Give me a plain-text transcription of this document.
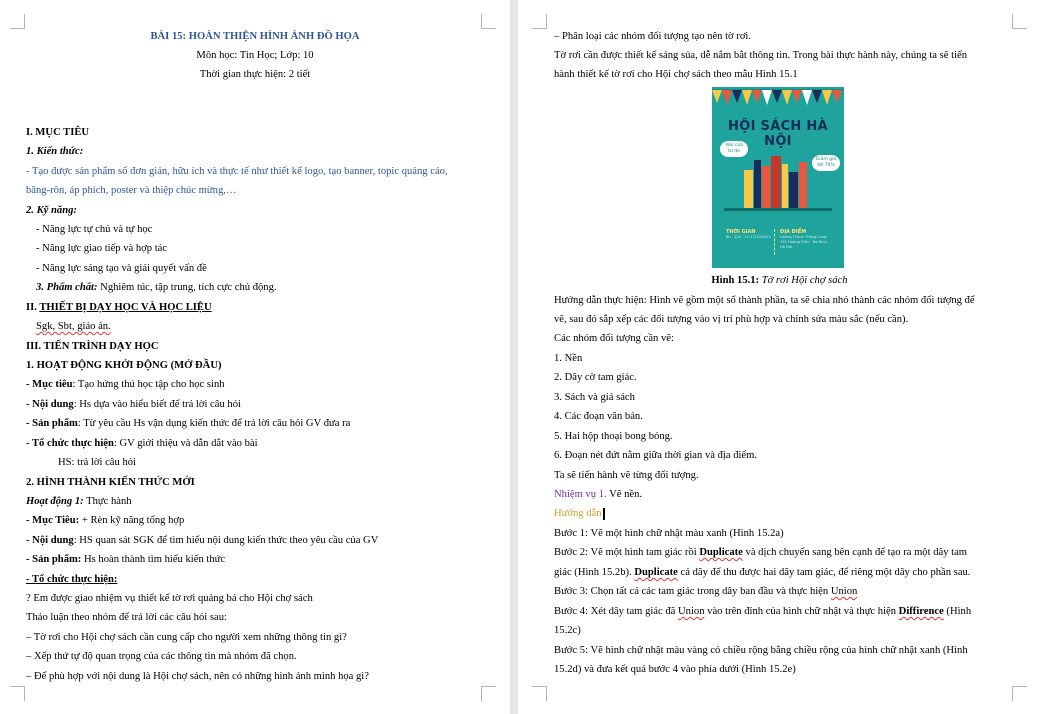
BÀI 15: HOÀN THIỆN HÌNH ẢNH ĐỒ HỌA
Môn học: Tin Học; Lớp: 10
Thời gian thực hiện: 2 tiết
I. MỤC TIÊU
1. Kiến thức:
- Tạo được sản phẩm số đơn giản, hữu ích và thực tế như thiết kế logo, tạo banner, topic quảng cáo,
băng-rôn, áp phích, poster và thiệp chúc mừng,…
2. Kỹ năng:
- Năng lực tự chủ và tự học
- Năng lực giao tiếp và hợp tác
- Năng lực sáng tạo và giải quyết vấn đề
3. Phẩm chất: Nghiêm túc, tập trung, tích cực chủ động.
II. THIẾT BỊ DẠY HỌC VÀ HỌC LIỆU
Sgk, Sbt, giáo án.
III. TIẾN TRÌNH DẠY HỌC
1. HOẠT ĐỘNG KHỞI ĐỘNG (MỞ ĐẦU)
- Mục tiêu: Tạo hứng thú học tập cho học sinh
- Nội dung: Hs dựa vào hiểu biết để trả lời câu hỏi
- Sản phẩm: Từ yêu cầu Hs vận dụng kiến thức để trả lời câu hỏi GV đưa ra
- Tổ chức thực hiện: GV giới thiệu và dẫn dắt vào bài
HS: trả lời câu hỏi
2. HÌNH THÀNH KIẾN THỨC MỚI
Hoạt động 1: Thực hành
- Mục Tiêu: + Rèn kỹ năng tổng hợp
- Nội dung: HS quan sát SGK để tìm hiểu nội dung kiến thức theo yêu cầu của GV
- Sản phẩm: Hs hoàn thành tìm hiểu kiến thức
- Tổ chức thực hiện:
? Em được giao nhiệm vụ thiết kế tờ rơi quảng bá cho Hội chợ sách
Thảo luận theo nhóm để trả lời các câu hỏi sau:
– Tờ rơi cho Hội chợ sách cần cung cấp cho người xem những thông tin gì?
– Xếp thứ tự độ quan trọng của các thông tin mà nhóm đã chọn.
– Để phù hợp với nội dung là Hội chợ sách, nên có những hình ảnh minh họa gì?
– Phân loại các nhóm đối tượng tạo nên tờ rơi.
Tờ rơi cần được thiết kế sáng sủa, dễ nắm bắt thông tin. Trong bài thực hành này, chúng ta sẽ tiến
hành thiết kế tờ rơi cho Hội chợ sách theo mẫu Hình 15.1
HỘI SÁCH HÀ NỘI
Vào cửa tự do
Giảm giá tới 70%
THỜI GIAN
8h - 22h · 12-17/10/2021
ĐỊA ĐIỂM
Hoàng Thành Thăng Long · 19C Hoàng Diệu · Ba Đình, Hà Nội
Hình 15.1: Tờ rơi Hội chợ sách
Hướng dẫn thực hiện: Hình vẽ gồm một số thành phần, ta sẽ chia nhỏ thành các nhóm đối tượng để
vẽ, sau đó sắp xếp các đối tượng vào vị trí phù hợp và chỉnh sửa màu sắc (nếu cần).
Các nhóm đối tượng cần vẽ:
1. Nền
2. Dây cờ tam giác.
3. Sách và giá sách
4. Các đoạn văn bản.
5. Hai hộp thoại bong bóng.
6. Đoạn nét đứt nằm giữa thời gian và địa điểm.
Ta sẽ tiến hành vẽ từng đối tượng.
Nhiệm vụ 1. Vẽ nền.
Hướng dẫn
Bước 1: Vẽ một hình chữ nhật màu xanh (Hình 15.2a)
Bước 2: Vẽ một hình tam giác rồi Duplicate và dịch chuyển sang bên cạnh để tạo ra một dây tam
giác (Hình 15.2b). Duplicate cả dây để thu được hai dây tam giác, để riêng một dây cho phần sau.
Bước 3: Chọn tất cả các tam giác trong dây ban đầu và thực hiện Union
Bước 4: Xét dây tam giác đã Union vào trên đỉnh của hình chữ nhật và thực hiện Diffirence (Hình
15.2c)
Bước 5: Vẽ hình chữ nhật màu vàng có chiều rộng bằng chiều rộng của hình chữ nhật xanh (Hình
15.2d) và đưa kết quả bước 4 vào phía dưới (Hình 15.2e)
